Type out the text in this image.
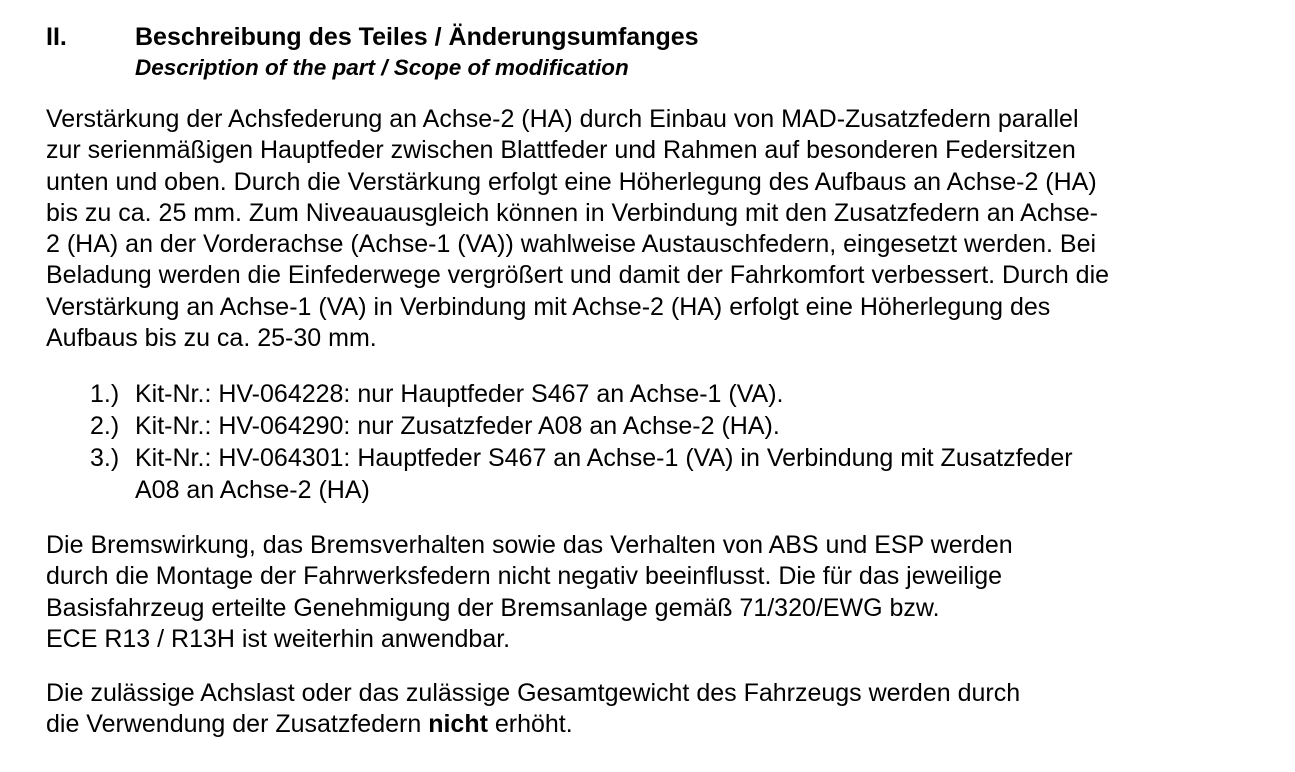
II.	Beschreibung des Teiles / Änderungsumfanges
Description of the part / Scope of modification

Verstärkung der Achsfederung an Achse-2 (HA) durch Einbau von MAD-Zusatzfedern parallel
zur serienmäßigen Hauptfeder zwischen Blattfeder und Rahmen auf besonderen Federsitzen
unten und oben. Durch die Verstärkung erfolgt eine Höherlegung des Aufbaus an Achse-2 (HA)
bis zu ca. 25 mm. Zum Niveauausgleich können in Verbindung mit den Zusatzfedern an Achse-
2 (HA) an der Vorderachse (Achse-1 (VA)) wahlweise Austauschfedern, eingesetzt werden. Bei
Beladung werden die Einfederwege vergrößert und damit der Fahrkomfort verbessert. Durch die
Verstärkung an Achse-1 (VA) in Verbindung mit Achse-2 (HA) erfolgt eine Höherlegung des
Aufbaus bis zu ca. 25-30 mm.

1.) Kit-Nr.: HV-064228: nur Hauptfeder S467 an Achse-1 (VA).
2.) Kit-Nr.: HV-064290: nur Zusatzfeder A08 an Achse-2 (HA).
3.) Kit-Nr.: HV-064301: Hauptfeder S467 an Achse-1 (VA) in Verbindung mit Zusatzfeder
A08 an Achse-2 (HA)

Die Bremswirkung, das Bremsverhalten sowie das Verhalten von ABS und ESP werden
durch die Montage der Fahrwerksfedern nicht negativ beeinflusst. Die für das jeweilige
Basisfahrzeug erteilte Genehmigung der Bremsanlage gemäß 71/320/EWG bzw.
ECE R13 / R13H ist weiterhin anwendbar.

Die zulässige Achslast oder das zulässige Gesamtgewicht des Fahrzeugs werden durch
die Verwendung der Zusatzfedern nicht erhöht.
